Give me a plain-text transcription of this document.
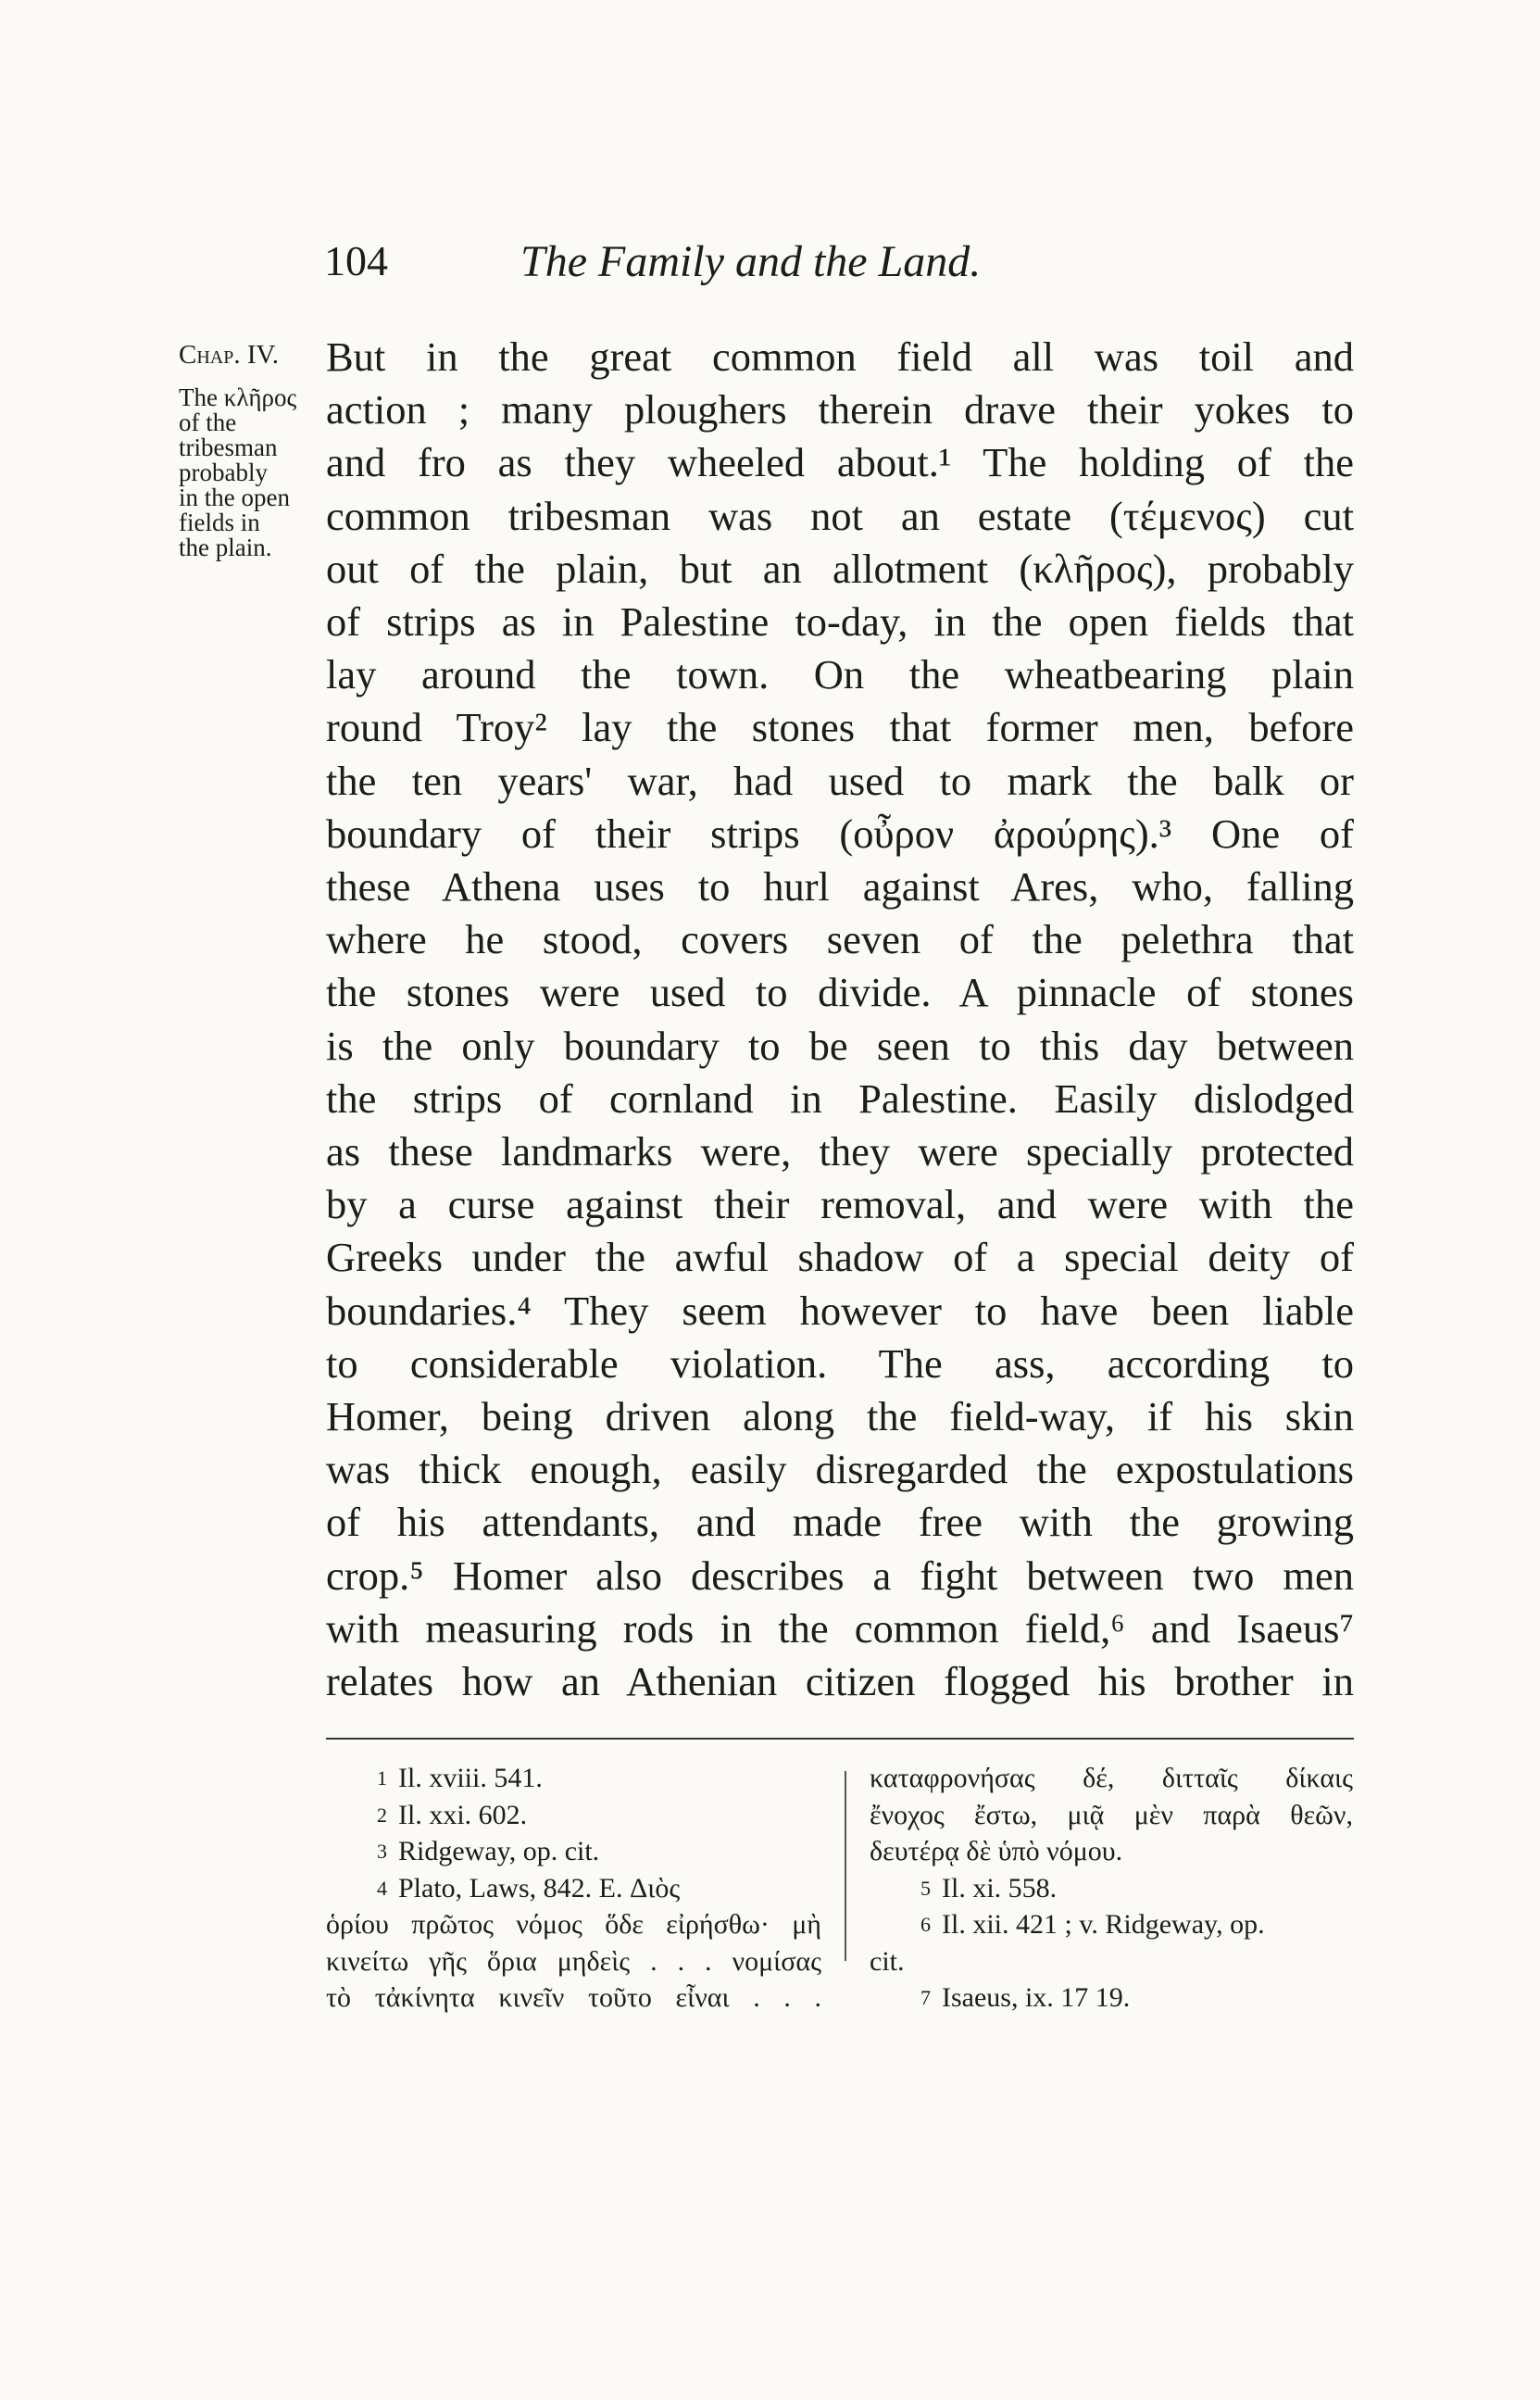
104	The Family and the Land.
Chap. IV.
The κλῆρος
of the
tribesman
probably
in the open
fields in
the plain.
But in the great common field all was toil and
action ; many ploughers therein drave their yokes to
and fro as they wheeled about.¹ The holding of the
common tribesman was not an estate (τέμενος) cut
out of the plain, but an allotment (κλῆρος), probably
of strips as in Palestine to-day, in the open fields that
lay around the town. On the wheatbearing plain
round Troy² lay the stones that former men, before
the ten years' war, had used to mark the balk or
boundary of their strips (οὖρον ἀρούρης).³ One of
these Athena uses to hurl against Ares, who, falling
where he stood, covers seven of the pelethra that
the stones were used to divide. A pinnacle of stones
is the only boundary to be seen to this day between
the strips of cornland in Palestine. Easily dislodged
as these landmarks were, they were specially protected
by a curse against their removal, and were with the
Greeks under the awful shadow of a special deity of
boundaries.⁴ They seem however to have been liable
to considerable violation. The ass, according to
Homer, being driven along the field-way, if his skin
was thick enough, easily disregarded the expostulations
of his attendants, and made free with the growing
crop.⁵ Homer also describes a fight between two men
with measuring rods in the common field,⁶ and Isaeus⁷
relates how an Athenian citizen flogged his brother in
1 Il. xviii. 541.
2 Il. xxi. 602.
3 Ridgeway, op. cit.
4 Plato, Laws, 842. E. Διὸς
ὁρίου πρῶτος νόμος ὅδε εἰρήσθω· μὴ
κινείτω γῆς ὅρια μηδεὶς . . . νομίσας
τὸ τἀκίνητα κινεῖν τοῦτο εἶναι . . .
καταφρονήσας δέ, διτταῖς δίκαις
ἔνοχος ἔστω, μιᾷ μὲν παρὰ θεῶν,
δευτέρᾳ δὲ ὑπὸ νόμου.
5 Il. xi. 558.
6 Il. xii. 421 ; v. Ridgeway, op.
cit.
7 Isaeus, ix. 17 19.
